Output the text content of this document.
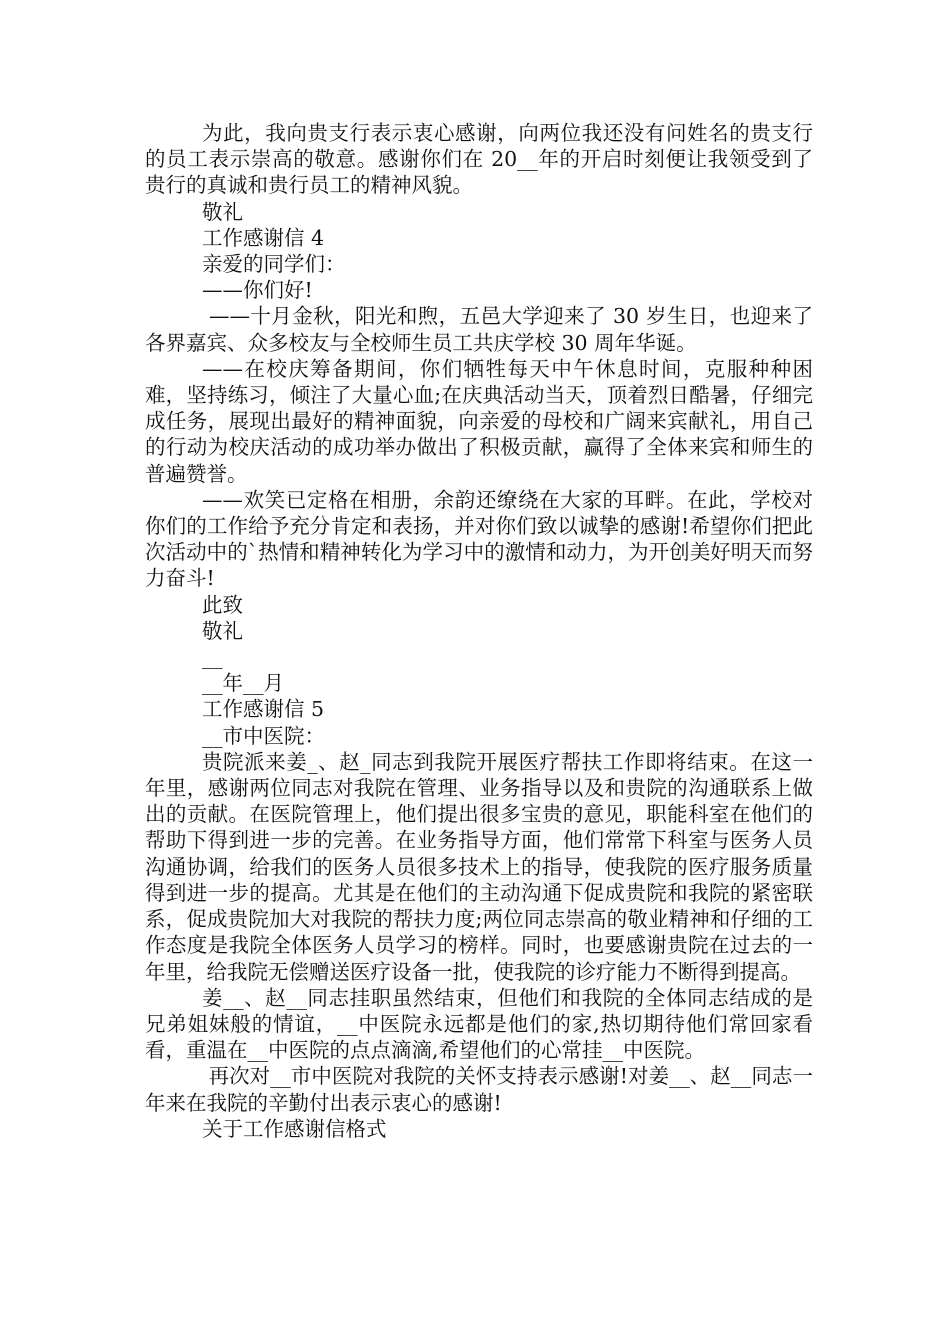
为此，我向贵支行表示衷心感谢，向两位我还没有问姓名的贵支行的员工表示崇高的敬意。感谢你们在 20__年的开启时刻便让我领受到了贵行的真诚和贵行员工的精神风貌。

敬礼

工作感谢信 4

亲爱的同学们：

——你们好!

——十月金秋，阳光和煦，五邑大学迎来了 30 岁生日，也迎来了各界嘉宾、众多校友与全校师生员工共庆学校 30 周年华诞。

——在校庆筹备期间，你们牺牲每天中午休息时间，克服种种困难，坚持练习，倾注了大量心血;在庆典活动当天，顶着烈日酷暑，仔细完成任务，展现出最好的精神面貌，向亲爱的母校和广阔来宾献礼，用自己的行动为校庆活动的成功举办做出了积极贡献，赢得了全体来宾和师生的普遍赞誉。

——欢笑已定格在相册，余韵还缭绕在大家的耳畔。在此，学校对你们的工作给予充分肯定和表扬，并对你们致以诚挚的感谢!希望你们把此次活动中的`热情和精神转化为学习中的激情和动力，为开创美好明天而努力奋斗!

此致

敬礼

__

__年__月

工作感谢信 5

__市中医院：

贵院派来姜_、赵_同志到我院开展医疗帮扶工作即将结束。在这一年里，感谢两位同志对我院在管理、业务指导以及和贵院的沟通联系上做出的贡献。在医院管理上，他们提出很多宝贵的意见，职能科室在他们的帮助下得到进一步的完善。在业务指导方面，他们常常下科室与医务人员沟通协调，给我们的医务人员很多技术上的指导，使我院的医疗服务质量得到进一步的提高。尤其是在他们的主动沟通下促成贵院和我院的紧密联系，促成贵院加大对我院的帮扶力度;两位同志崇高的敬业精神和仔细的工作态度是我院全体医务人员学习的榜样。同时，也要感谢贵院在过去的一年里，给我院无偿赠送医疗设备一批，使我院的诊疗能力不断得到提高。

姜__、赵__同志挂职虽然结束，但他们和我院的全体同志结成的是兄弟姐妹般的情谊，__中医院永远都是他们的家,热切期待他们常回家看看，重温在__中医院的点点滴滴,希望他们的心常挂__中医院。

再次对__市中医院对我院的关怀支持表示感谢!对姜__、赵__同志一年来在我院的辛勤付出表示衷心的感谢!

关于工作感谢信格式
